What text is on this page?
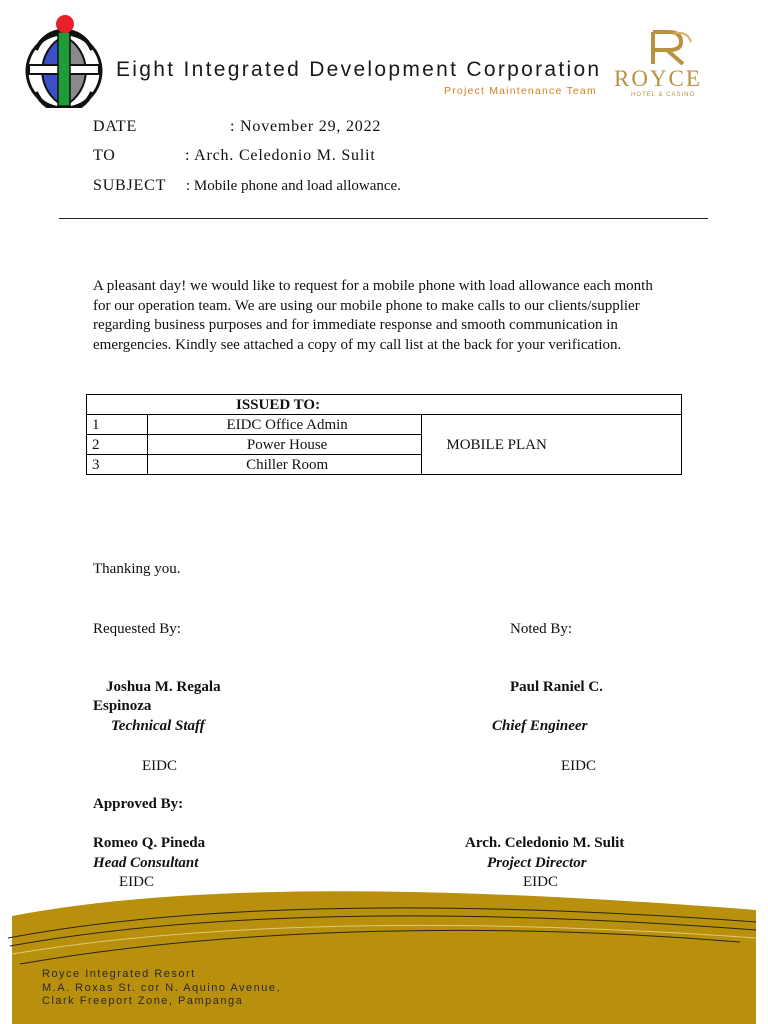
Eight Integrated Development Corporation
Project Maintenance Team ROYCE
HOTEL & CASINO
DATE	: November 29, 2022
TO	: Arch. Celedonio M. Sulit
SUBJECT : Mobile phone and load allowance.
A pleasant day! we would like to request for a mobile phone with load allowance each month for our operation team. We are using our mobile phone to make calls to our clients/supplier regarding business purposes and for immediate response and smooth communication in emergencies. Kindly see attached a copy of my call list at the back for your verification.
ISSUED TO:		
1	EIDC Office Admin	MOBILE PLAN
2	Power House	
3	Chiller Room	
Thanking you.
Requested By:	Noted By:
Joshua M. Regala
Espinoza
Technical Staff
EIDC
Paul Raniel C.
Chief Engineer
EIDC
Approved By:
Romeo Q. Pineda
Head Consultant
EIDC
Arch. Celedonio M. Sulit
Project Director
EIDC
Royce Integrated Resort
M.A. Roxas St. cor N. Aquino Avenue,
Clark Freeport Zone, Pampanga
